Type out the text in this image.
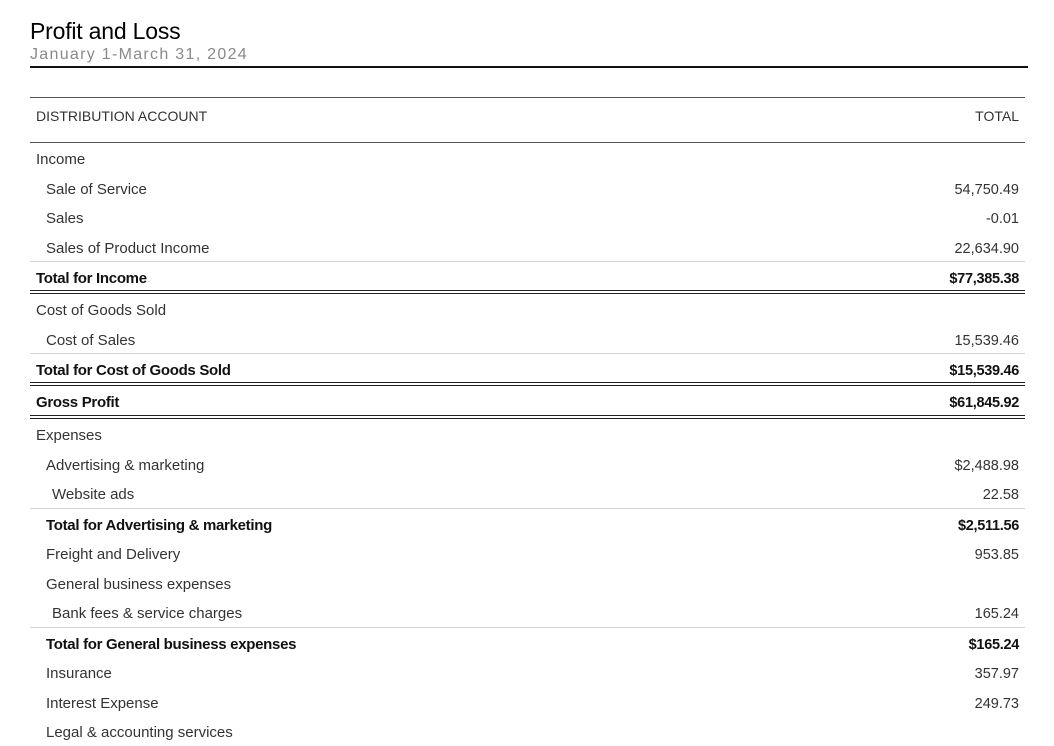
Profit and Loss
January 1-March 31, 2024
DISTRIBUTION ACCOUNT	TOTAL
Income
Sale of Service	54,750.49
Sales	-0.01
Sales of Product Income	22,634.90
Total for Income	$77,385.38
Cost of Goods Sold
Cost of Sales	15,539.46
Total for Cost of Goods Sold	$15,539.46
Gross Profit	$61,845.92
Expenses
Advertising & marketing	$2,488.98
Website ads	22.58
Total for Advertising & marketing	$2,511.56
Freight and Delivery	953.85
General business expenses
Bank fees & service charges	165.24
Total for General business expenses	$165.24
Insurance	357.97
Interest Expense	249.73
Legal & accounting services
